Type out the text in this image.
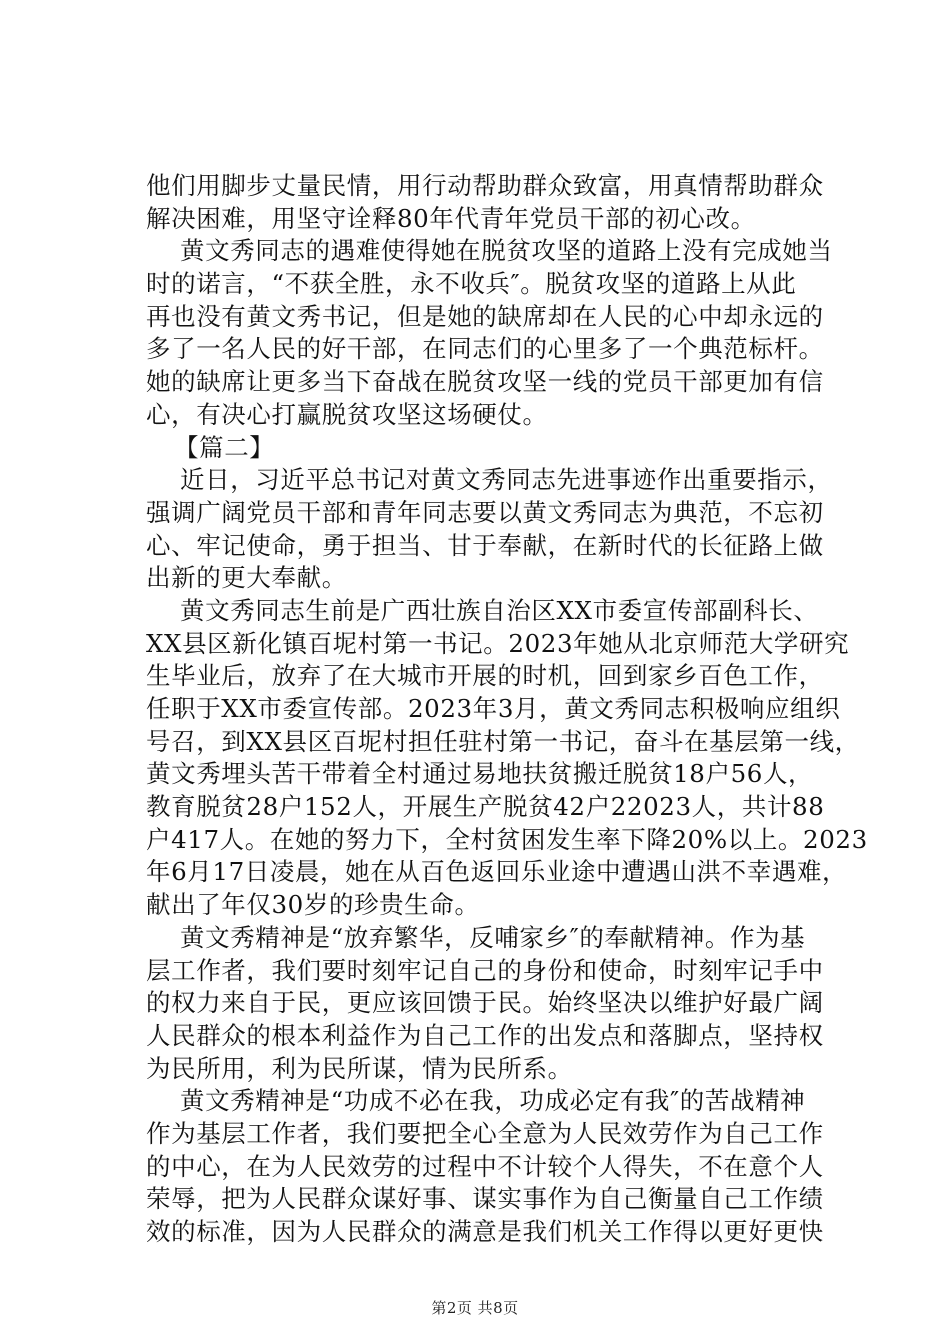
他们用脚步丈量民情，用行动帮助群众致富，用真情帮助群众
解决困难，用坚守诠释80年代青年党员干部的初心改。
黄文秀同志的遇难使得她在脱贫攻坚的道路上没有完成她当
时的诺言，“不获全胜，永不收兵″。脱贫攻坚的道路上从此
再也没有黄文秀书记，但是她的缺席却在人民的心中却永远的
多了一名人民的好干部，在同志们的心里多了一个典范标杆。
她的缺席让更多当下奋战在脱贫攻坚一线的党员干部更加有信
心，有决心打赢脱贫攻坚这场硬仗。
【篇二】
近日，习近平总书记对黄文秀同志先进事迹作出重要指示，
强调广阔党员干部和青年同志要以黄文秀同志为典范，不忘初
心、牢记使命，勇于担当、甘于奉献，在新时代的长征路上做
出新的更大奉献。
黄文秀同志生前是广西壮族自治区XX市委宣传部副科长、
XX县区新化镇百坭村第一书记。2023年她从北京师范大学研究
生毕业后，放弃了在大城市开展的时机，回到家乡百色工作，
任职于XX市委宣传部。2023年3月，黄文秀同志积极响应组织
号召，到XX县区百坭村担任驻村第一书记，奋斗在基层第一线，
黄文秀埋头苦干带着全村通过易地扶贫搬迁脱贫18户56人，
教育脱贫28户152人，开展生产脱贫42户22023人，共计88
户417人。在她的努力下，全村贫困发生率下降20%以上。2023
年6月17日凌晨，她在从百色返回乐业途中遭遇山洪不幸遇难，
献出了年仅30岁的珍贵生命。
黄文秀精神是“放弃繁华，反哺家乡″的奉献精神。作为基
层工作者，我们要时刻牢记自己的身份和使命，时刻牢记手中
的权力来自于民，更应该回馈于民。始终坚决以维护好最广阔
人民群众的根本利益作为自己工作的出发点和落脚点，坚持权
为民所用，利为民所谋，情为民所系。
黄文秀精神是“功成不必在我，功成必定有我″的苦战精神
作为基层工作者，我们要把全心全意为人民效劳作为自己工作
的中心，在为人民效劳的过程中不计较个人得失，不在意个人
荣辱，把为人民群众谋好事、谋实事作为自己衡量自己工作绩
效的标准，因为人民群众的满意是我们机关工作得以更好更快
第2页 共8页
